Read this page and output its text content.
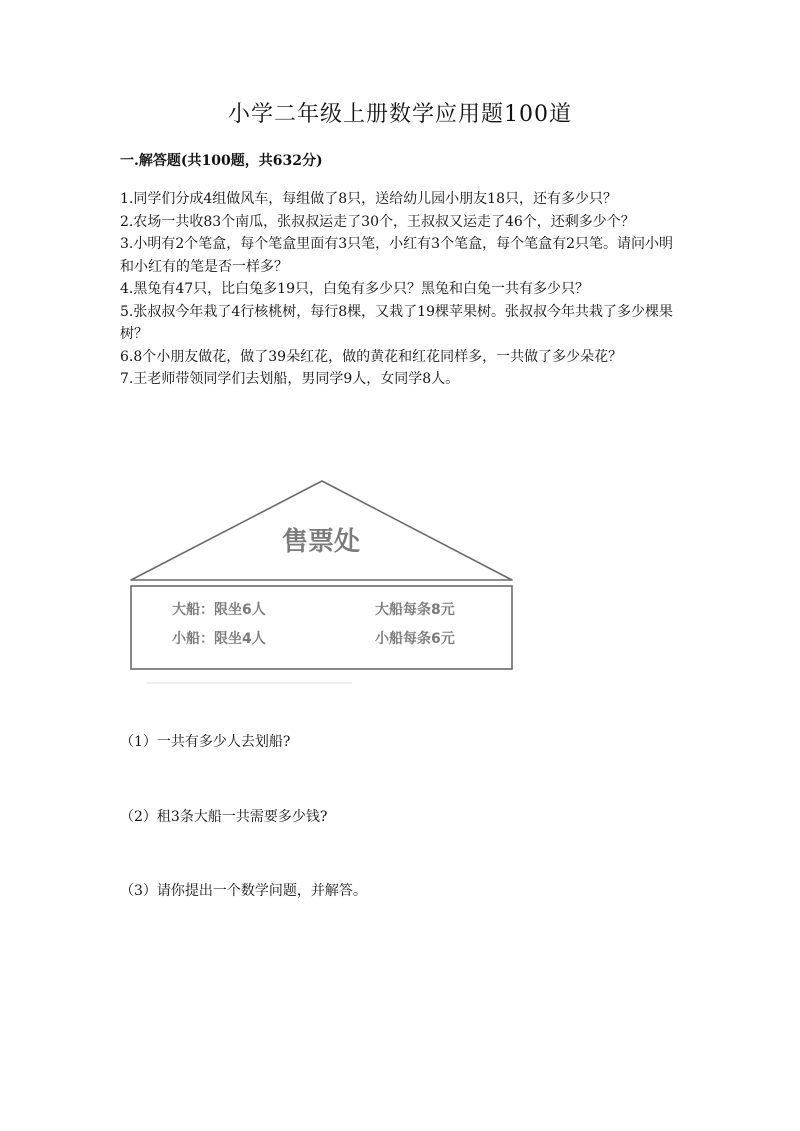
小学二年级上册数学应用题100道

一.解答题(共100题，共632分)

1.同学们分成4组做风车，每组做了8只，送给幼儿园小朋友18只，还有多少只？
2.农场一共收83个南瓜，张叔叔运走了30个，王叔叔又运走了46个，还剩多少个？
3.小明有2个笔盒，每个笔盒里面有3只笔，小红有3个笔盒，每个笔盒有2只笔。请问小明和小红有的笔是否一样多？
4.黑兔有47只，比白兔多19只，白兔有多少只？黑兔和白兔一共有多少只？
5.张叔叔今年栽了4行核桃树，每行8棵，又栽了19棵苹果树。张叔叔今年共栽了多少棵果树？
6.8个小朋友做花，做了39朵红花，做的黄花和红花同样多，一共做了多少朵花？
7.王老师带领同学们去划船，男同学9人，女同学8人。
售票处
大船：限坐6人	大船每条8元
小船：限坐4人	小船每条6元

（1）一共有多少人去划船?

（2）租3条大船一共需要多少钱?

（3）请你提出一个数学问题，并解答。
